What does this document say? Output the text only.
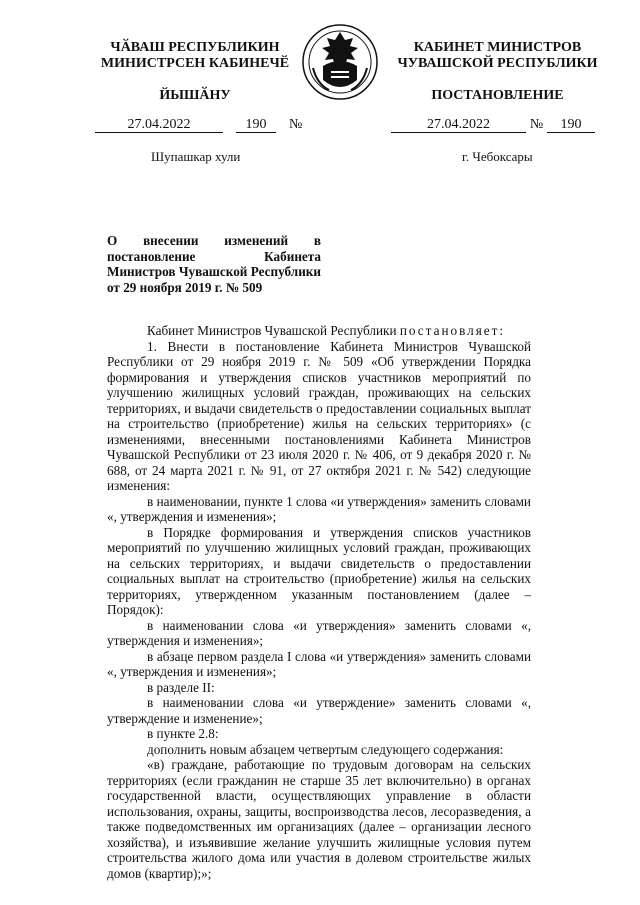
ЧӐВАШ РЕСПУБЛИКИН
МИНИСТРСЕН КАБИНЕЧӖ
ЙЫШӐНУ
КАБИНЕТ МИНИСТРОВ
ЧУВАШСКОЙ РЕСПУБЛИКИ
ПОСТАНОВЛЕНИЕ
27.04.2022	190 №	27.04.2022	№ 190
Шупашкар хули	г. Чебоксары
О внесении изменений в постановление Кабинета Министров Чувашской Республики от 29 ноября 2019 г. № 509

Кабинет Министров Чувашской Республики постановляет:

1. Внести в постановление Кабинета Министров Чувашской Республики от 29 ноября 2019 г. № 509 «Об утверждении Порядка формирования и утверждения списков участников мероприятий по улучшению жилищных условий граждан, проживающих на сельских территориях, и выдачи свидетельств о предоставлении социальных выплат на строительство (приобретение) жилья на сельских территориях» (с изменениями, внесенными постановлениями Кабинета Министров Чувашской Республики от 23 июля 2020 г. № 406, от 9 декабря 2020 г. № 688, от 24 марта 2021 г. № 91, от 27 октября 2021 г. № 542) следующие изменения:

в наименовании, пункте 1 слова «и утверждения» заменить словами «, утверждения и изменения»;

в Порядке формирования и утверждения списков участников мероприятий по улучшению жилищных условий граждан, проживающих на сельских территориях, и выдачи свидетельств о предоставлении социальных выплат на строительство (приобретение) жилья на сельских территориях, утвержденном указанным постановлением (далее – Порядок):

в наименовании слова «и утверждения» заменить словами «, утверждения и изменения»;

в абзаце первом раздела I слова «и утверждения» заменить словами «, утверждения и изменения»;

в разделе II:

в наименовании слова «и утверждение» заменить словами «, утверждение и изменение»;

в пункте 2.8:

дополнить новым абзацем четвертым следующего содержания:

«в) граждане, работающие по трудовым договорам на сельских территориях (если гражданин не старше 35 лет включительно) в органах государственной власти, осуществляющих управление в области использования, охраны, защиты, воспроизводства лесов, лесоразведения, а также подведомственных им организациях (далее – организации лесного хозяйства), и изъявившие желание улучшить жилищные условия путем строительства жилого дома или участия в долевом строительстве жилых домов (квартир);»;
